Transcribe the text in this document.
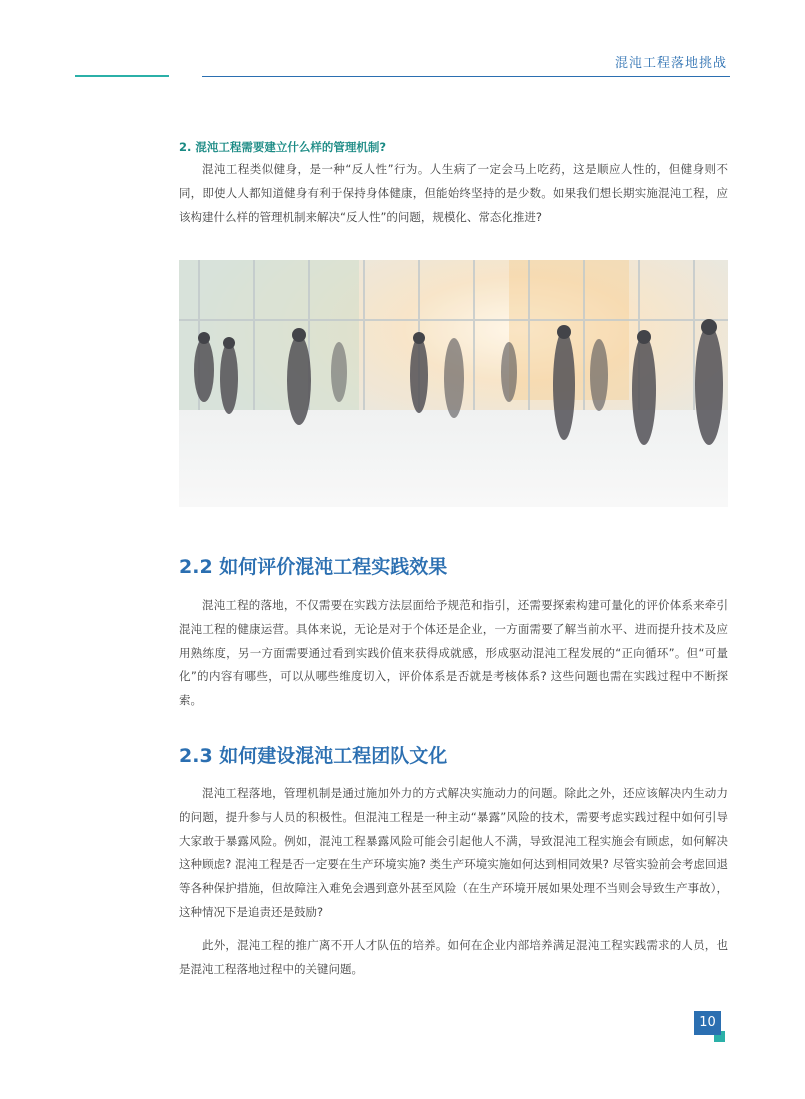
混沌工程落地挑战
2. 混沌工程需要建立什么样的管理机制?

混沌工程类似健身，是一种“反人性”行为。人生病了一定会马上吃药，这是顺应人性的，但健身则不同，即使人人都知道健身有利于保持身体健康，但能始终坚持的是少数。如果我们想长期实施混沌工程，应该构建什么样的管理机制来解决“反人性”的问题，规模化、常态化推进?

2.2 如何评价混沌工程实践效果

混沌工程的落地，不仅需要在实践方法层面给予规范和指引，还需要探索构建可量化的评价体系来牵引混沌工程的健康运营。具体来说，无论是对于个体还是企业，一方面需要了解当前水平、进而提升技术及应用熟练度，另一方面需要通过看到实践价值来获得成就感，形成驱动混沌工程发展的“正向循环”。但“可量化”的内容有哪些，可以从哪些维度切入，评价体系是否就是考核体系? 这些问题也需在实践过程中不断探索。

2.3 如何建设混沌工程团队文化

混沌工程落地，管理机制是通过施加外力的方式解决实施动力的问题。除此之外，还应该解决内生动力的问题，提升参与人员的积极性。但混沌工程是一种主动“暴露”风险的技术，需要考虑实践过程中如何引导大家敢于暴露风险。例如，混沌工程暴露风险可能会引起他人不满，导致混沌工程实施会有顾虑，如何解决这种顾虑? 混沌工程是否一定要在生产环境实施? 类生产环境实施如何达到相同效果? 尽管实验前会考虑回退等各种保护措施，但故障注入难免会遇到意外甚至风险（在生产环境开展如果处理不当则会导致生产事故），这种情况下是追责还是鼓励?

此外，混沌工程的推广离不开人才队伍的培养。如何在企业内部培养满足混沌工程实践需求的人员，也是混沌工程落地过程中的关键问题。

10
